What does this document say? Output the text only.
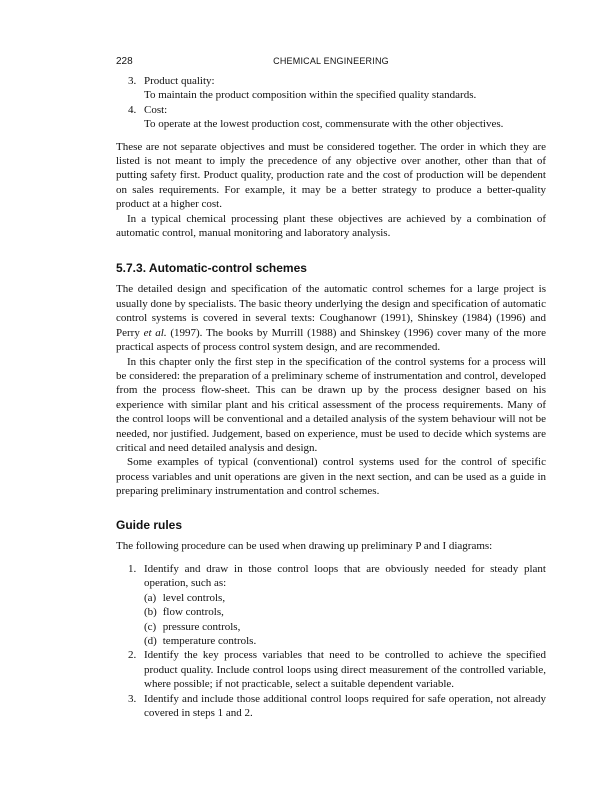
228	CHEMICAL ENGINEERING
3. Product quality:
To maintain the product composition within the specified quality standards.
4. Cost:
To operate at the lowest production cost, commensurate with the other objectives.

These are not separate objectives and must be considered together. The order in which they are listed is not meant to imply the precedence of any objective over another, other than that of putting safety first. Product quality, production rate and the cost of production will be dependent on sales requirements. For example, it may be a better strategy to produce a better-quality product at a higher cost.

In a typical chemical processing plant these objectives are achieved by a combination of automatic control, manual monitoring and laboratory analysis.

5.7.3. Automatic-control schemes

The detailed design and specification of the automatic control schemes for a large project is usually done by specialists. The basic theory underlying the design and specification of automatic control systems is covered in several texts: Coughanowr (1991), Shinskey (1984) (1996) and Perry et al. (1997). The books by Murrill (1988) and Shinskey (1996) cover many of the more practical aspects of process control system design, and are recommended.

In this chapter only the first step in the specification of the control systems for a process will be considered: the preparation of a preliminary scheme of instrumentation and control, developed from the process flow-sheet. This can be drawn up by the process designer based on his experience with similar plant and his critical assessment of the process requirements. Many of the control loops will be conventional and a detailed analysis of the system behaviour will not be needed, nor justified. Judgement, based on experience, must be used to decide which systems are critical and need detailed analysis and design.

Some examples of typical (conventional) control systems used for the control of specific process variables and unit operations are given in the next section, and can be used as a guide in preparing preliminary instrumentation and control schemes.

Guide rules

The following procedure can be used when drawing up preliminary P and I diagrams:

1. Identify and draw in those control loops that are obviously needed for steady plant operation, such as:
(a) level controls,
(b) flow controls,
(c) pressure controls,
(d) temperature controls.
2. Identify the key process variables that need to be controlled to achieve the specified product quality. Include control loops using direct measurement of the controlled variable, where possible; if not practicable, select a suitable dependent variable.
3. Identify and include those additional control loops required for safe operation, not already covered in steps 1 and 2.
